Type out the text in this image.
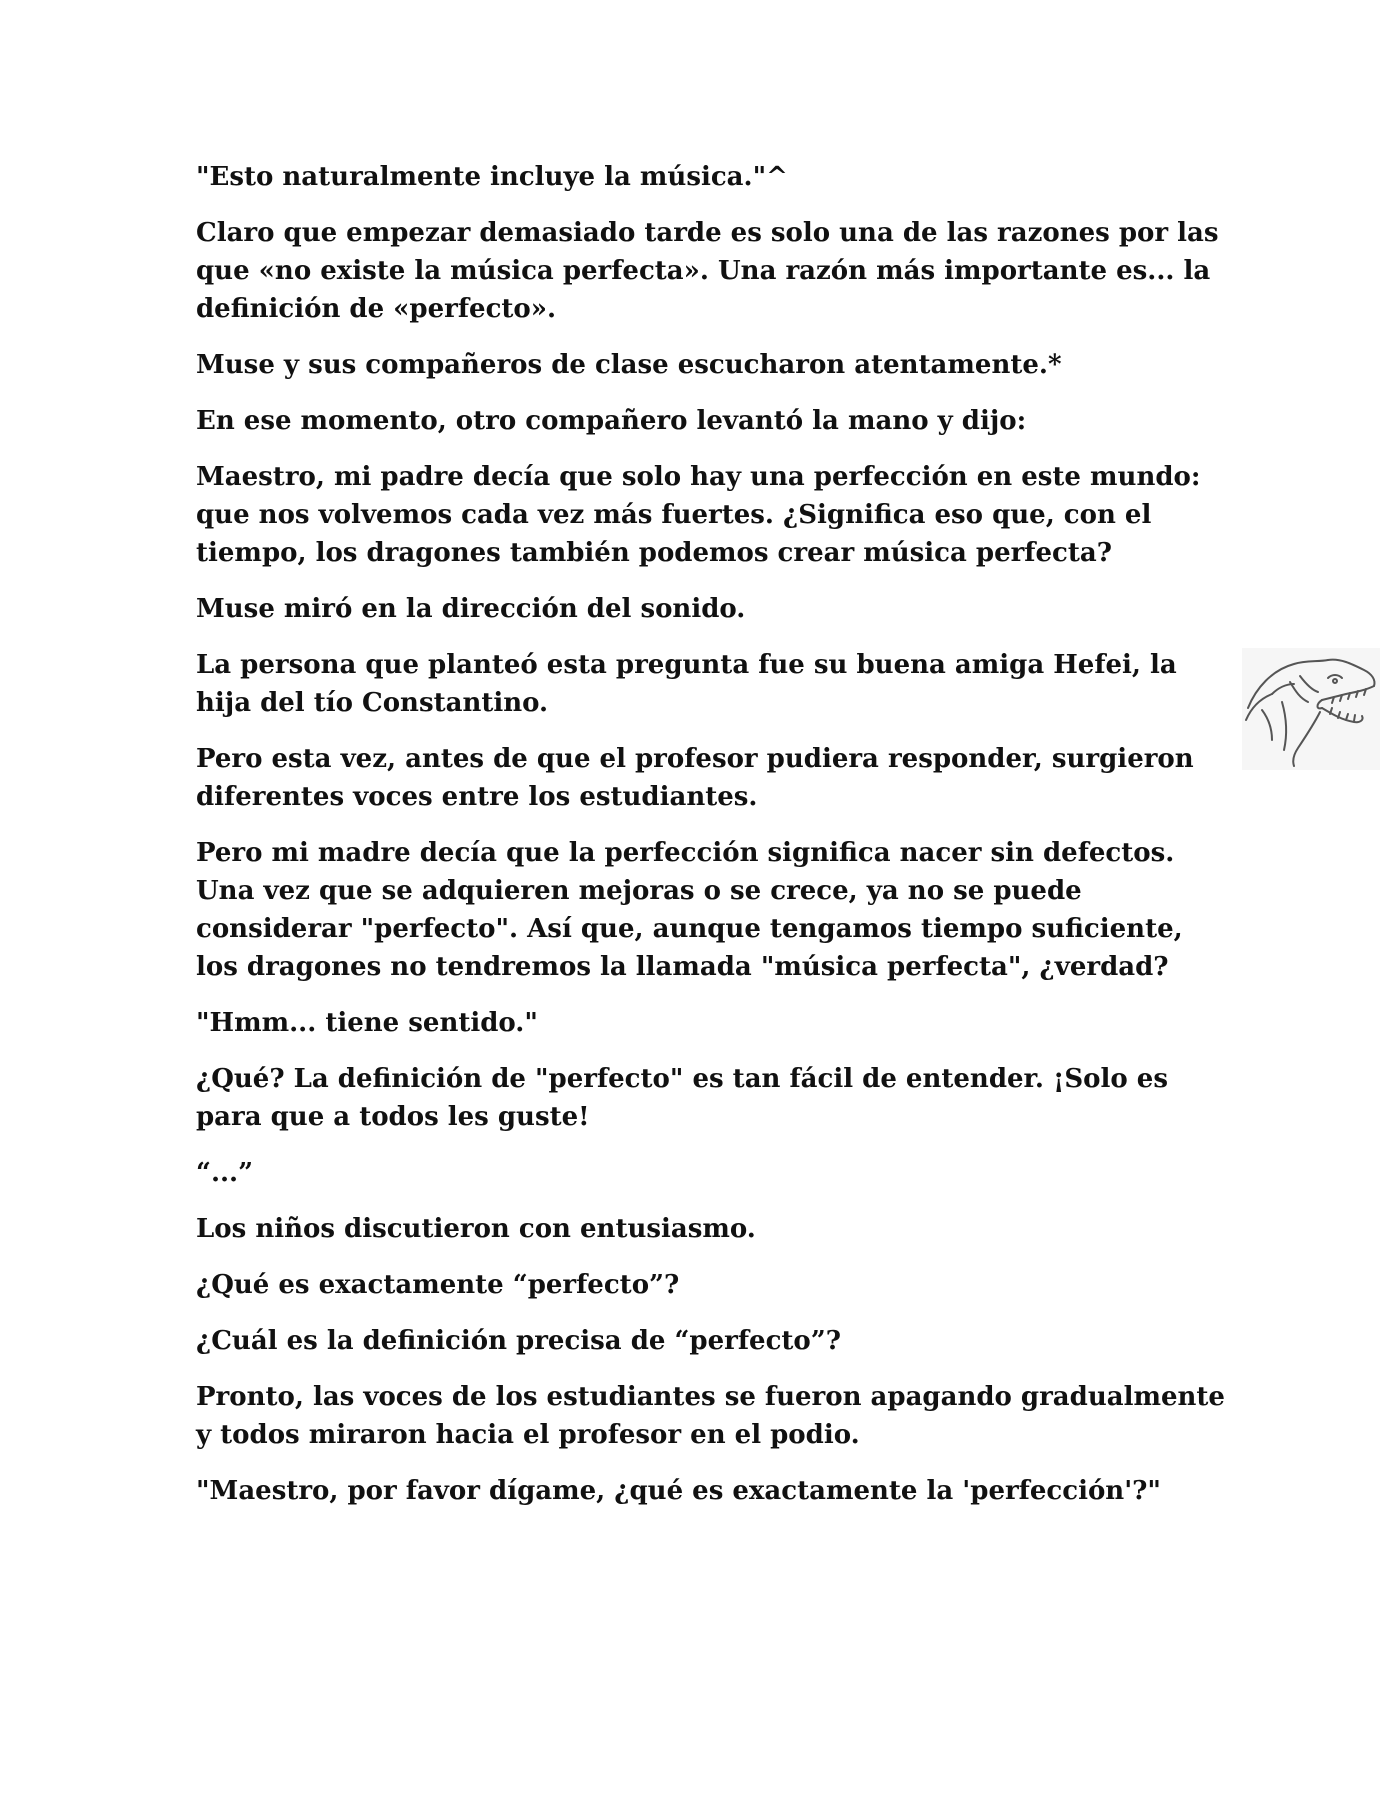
"Esto naturalmente incluye la música."^

Claro que empezar demasiado tarde es solo una de las razones por las que «no existe la música perfecta». Una razón más importante es... la definición de «perfecto».

Muse y sus compañeros de clase escucharon atentamente.*

En ese momento, otro compañero levantó la mano y dijo:

Maestro, mi padre decía que solo hay una perfección en este mundo: que nos volvemos cada vez más fuertes. ¿Significa eso que, con el tiempo, los dragones también podemos crear música perfecta?

Muse miró en la dirección del sonido.

La persona que planteó esta pregunta fue su buena amiga Hefei, la hija del tío Constantino.

Pero esta vez, antes de que el profesor pudiera responder, surgieron diferentes voces entre los estudiantes.

Pero mi madre decía que la perfección significa nacer sin defectos. Una vez que se adquieren mejoras o se crece, ya no se puede considerar "perfecto". Así que, aunque tengamos tiempo suficiente, los dragones no tendremos la llamada "música perfecta", ¿verdad?

"Hmm... tiene sentido."

¿Qué? La definición de "perfecto" es tan fácil de entender. ¡Solo es para que a todos les guste!

“...”

Los niños discutieron con entusiasmo.

¿Qué es exactamente “perfecto”?

¿Cuál es la definición precisa de “perfecto”?

Pronto, las voces de los estudiantes se fueron apagando gradualmente y todos miraron hacia el profesor en el podio.

"Maestro, por favor dígame, ¿qué es exactamente la 'perfección'?"
